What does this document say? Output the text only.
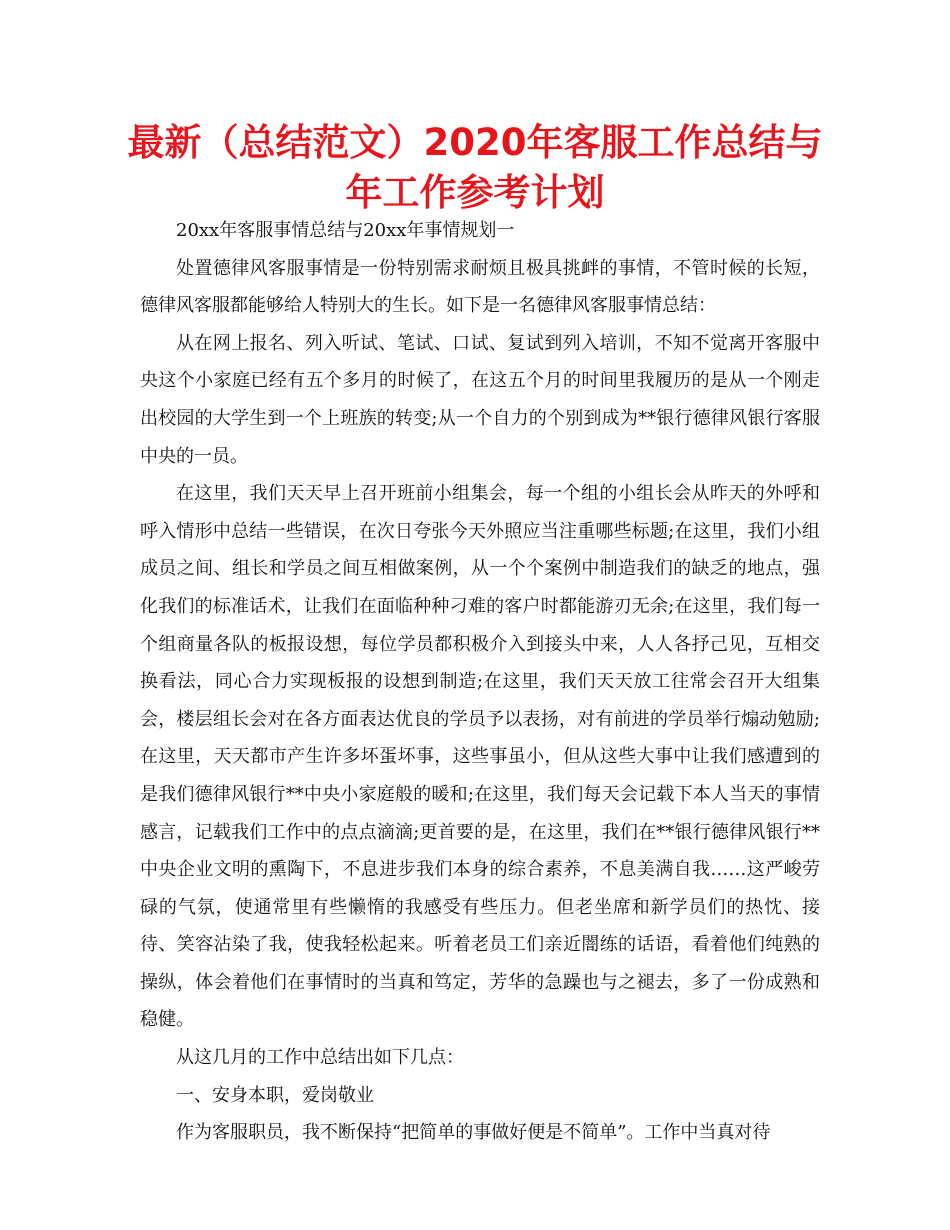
最新（总结范文）2020年客服工作总结与年工作参考计划

20xx年客服事情总结与20xx年事情规划一

处置德律风客服事情是一份特别需求耐烦且极具挑衅的事情，不管时候的长短，德律风客服都能够给人特别大的生长。如下是一名德律风客服事情总结：

从在网上报名、列入听试、笔试、口试、复试到列入培训，不知不觉离开客服中央这个小家庭已经有五个多月的时候了，在这五个月的时间里我履历的是从一个刚走出校园的大学生到一个上班族的转变;从一个自力的个别到成为**银行德律风银行客服中央的一员。

在这里，我们天天早上召开班前小组集会，每一个组的小组长会从昨天的外呼和呼入情形中总结一些错误，在次日夸张今天外照应当注重哪些标题;在这里，我们小组成员之间、组长和学员之间互相做案例，从一个个案例中制造我们的缺乏的地点，强化我们的标准话术，让我们在面临种种刁难的客户时都能游刃无余;在这里，我们每一个组商量各队的板报设想，每位学员都积极介入到接头中来，人人各抒己见，互相交换看法，同心合力实现板报的设想到制造;在这里，我们天天放工往常会召开大组集会，楼层组长会对在各方面表达优良的学员予以表扬，对有前进的学员举行煽动勉励;在这里，天天都市产生许多坏蛋坏事，这些事虽小，但从这些大事中让我们感遭到的是我们德律风银行**中央小家庭般的暖和;在这里，我们每天会记载下本人当天的事情感言，记载我们工作中的点点滴滴;更首要的是，在这里，我们在**银行德律风银行**中央企业文明的熏陶下，不息进步我们本身的综合素养，不息美满自我……这严峻劳碌的气氛，使通常里有些懒惰的我感受有些压力。但老坐席和新学员们的热忱、接待、笑容沾染了我，使我轻松起来。听着老员工们亲近闇练的话语，看着他们纯熟的操纵，体会着他们在事情时的当真和笃定，芳华的急躁也与之褪去，多了一份成熟和稳健。

从这几月的工作中总结出如下几点：

一、安身本职，爱岗敬业

作为客服职员，我不断保持“把简单的事做好便是不简单”。工作中当真对待
